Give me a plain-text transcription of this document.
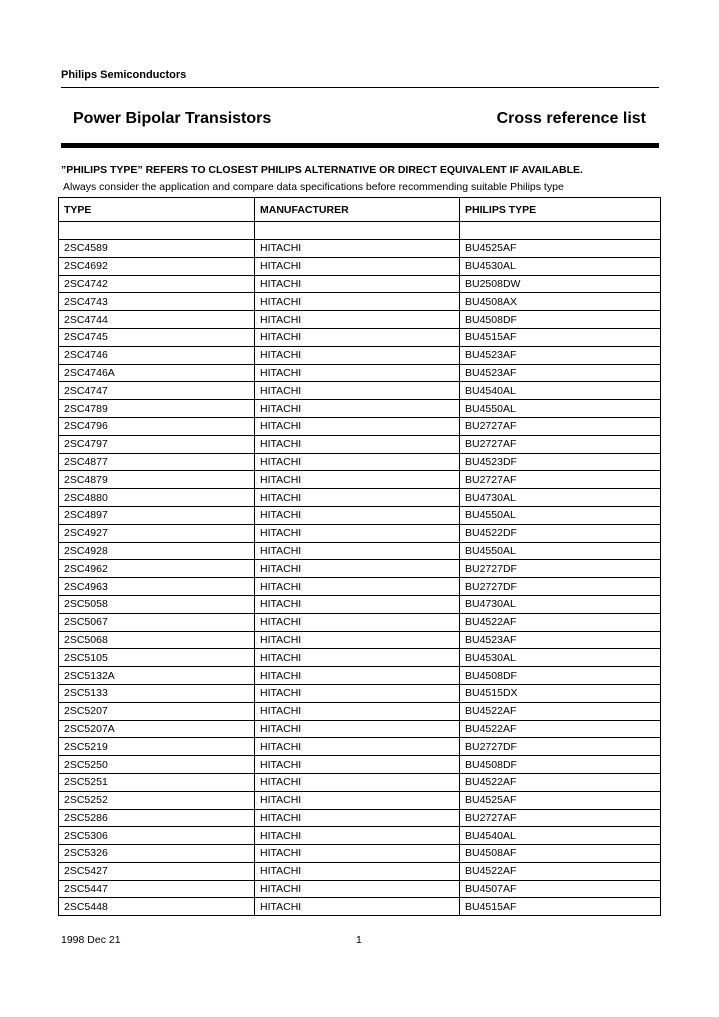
Philips Semiconductors
Power Bipolar Transistors	Cross reference list
”PHILIPS TYPE” REFERS TO CLOSEST PHILIPS ALTERNATIVE OR DIRECT EQUIVALENT IF AVAILABLE.
Always consider the application and compare data specifications before recommending suitable Philips type
TYPE	MANUFACTURER	PHILIPS TYPE

2SC4589	HITACHI	BU4525AF
2SC4692	HITACHI	BU4530AL
2SC4742	HITACHI	BU2508DW
2SC4743	HITACHI	BU4508AX
2SC4744	HITACHI	BU4508DF
2SC4745	HITACHI	BU4515AF
2SC4746	HITACHI	BU4523AF
2SC4746A	HITACHI	BU4523AF
2SC4747	HITACHI	BU4540AL
2SC4789	HITACHI	BU4550AL
2SC4796	HITACHI	BU2727AF
2SC4797	HITACHI	BU2727AF
2SC4877	HITACHI	BU4523DF
2SC4879	HITACHI	BU2727AF
2SC4880	HITACHI	BU4730AL
2SC4897	HITACHI	BU4550AL
2SC4927	HITACHI	BU4522DF
2SC4928	HITACHI	BU4550AL
2SC4962	HITACHI	BU2727DF
2SC4963	HITACHI	BU2727DF
2SC5058	HITACHI	BU4730AL
2SC5067	HITACHI	BU4522AF
2SC5068	HITACHI	BU4523AF
2SC5105	HITACHI	BU4530AL
2SC5132A	HITACHI	BU4508DF
2SC5133	HITACHI	BU4515DX
2SC5207	HITACHI	BU4522AF
2SC5207A	HITACHI	BU4522AF
2SC5219	HITACHI	BU2727DF
2SC5250	HITACHI	BU4508DF
2SC5251	HITACHI	BU4522AF
2SC5252	HITACHI	BU4525AF
2SC5286	HITACHI	BU2727AF
2SC5306	HITACHI	BU4540AL
2SC5326	HITACHI	BU4508AF
2SC5427	HITACHI	BU4522AF
2SC5447	HITACHI	BU4507AF
2SC5448	HITACHI	BU4515AF
1998 Dec 21	1
